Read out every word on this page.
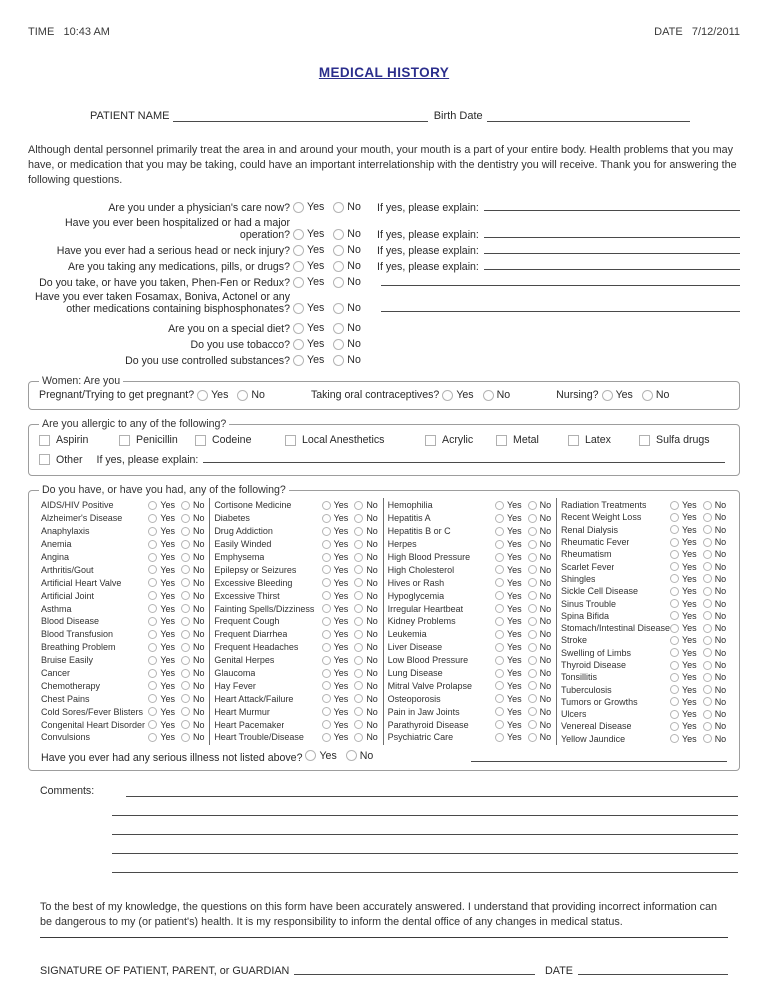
TIME 10:43 AM	DATE 7/12/2011
MEDICAL HISTORY
PATIENT NAME	Birth Date
Although dental personnel primarily treat the area in and around your mouth, your mouth is a part of your entire body. Health problems that you may have, or medication that you may be taking, could have an important interrelationship with the dentistry you will receive. Thank you for answering the following questions.
Are you under a physician's care now? Yes No If yes, please explain:
Have you ever been hospitalized or had a major operation? Yes No If yes, please explain:
Have you ever had a serious head or neck injury? Yes No If yes, please explain:
Are you taking any medications, pills, or drugs? Yes No If yes, please explain:
Do you take, or have you taken, Phen-Fen or Redux? Yes No
Have you ever taken Fosamax, Boniva, Actonel or any other medications containing bisphosphonates? Yes No
Are you on a special diet? Yes No
Do you use tobacco? Yes No
Do you use controlled substances? Yes No
Women: Are you
Pregnant/Trying to get pregnant? Yes No	Taking oral contraceptives? Yes No	Nursing? Yes No
Are you allergic to any of the following?
Aspirin	Penicillin	Codeine	Local Anesthetics	Acrylic	Metal	Latex	Sulfa drugs
Other If yes, please explain:
Do you have, or have you had, any of the following?
AIDS/HIV Positive	Yes No
Alzheimer's Disease	Yes No
Anaphylaxis	Yes No
Anemia	Yes No
Angina	Yes No
Arthritis/Gout	Yes No
Artificial Heart Valve	Yes No
Artificial Joint	Yes No
Asthma	Yes No
Blood Disease	Yes No
Blood Transfusion	Yes No
Breathing Problem	Yes No
Bruise Easily	Yes No
Cancer	Yes No
Chemotherapy	Yes No
Chest Pains	Yes No
Cold Sores/Fever Blisters Yes No
Congenital Heart Disorder Yes No
Convulsions	Yes No
Cortisone Medicine	Yes No
Diabetes	Yes No
Drug Addiction	Yes No
Easily Winded	Yes No
Emphysema	Yes No
Epilepsy or Seizures	Yes No
Excessive Bleeding	Yes No
Excessive Thirst	Yes No
Fainting Spells/Dizziness Yes No
Frequent Cough	Yes No
Frequent Diarrhea	Yes No
Frequent Headaches	Yes No
Genital Herpes	Yes No
Glaucoma	Yes No
Hay Fever	Yes No
Heart Attack/Failure	Yes No
Heart Murmur	Yes No
Heart Pacemaker	Yes No
Heart Trouble/Disease	Yes No
Hemophilia	Yes No
Hepatitis A	Yes No
Hepatitis B or C	Yes No
Herpes	Yes No
High Blood Pressure	Yes No
High Cholesterol	Yes No
Hives or Rash	Yes No
Hypoglycemia	Yes No
Irregular Heartbeat	Yes No
Kidney Problems	Yes No
Leukemia	Yes No
Liver Disease	Yes No
Low Blood Pressure	Yes No
Lung Disease	Yes No
Mitral Valve Prolapse	Yes No
Osteoporosis	Yes No
Pain in Jaw Joints	Yes No
Parathyroid Disease	Yes No
Psychiatric Care	Yes No
Radiation Treatments	Yes No
Recent Weight Loss	Yes No
Renal Dialysis	Yes No
Rheumatic Fever	Yes No
Rheumatism	Yes No
Scarlet Fever	Yes No
Shingles	Yes No
Sickle Cell Disease	Yes No
Sinus Trouble	Yes No
Spina Bifida	Yes No
Stomach/Intestinal Disease Yes No
Stroke	Yes No
Swelling of Limbs	Yes No
Thyroid Disease	Yes No
Tonsillitis	Yes No
Tuberculosis	Yes No
Tumors or Growths	Yes No
Ulcers	Yes No
Venereal Disease	Yes No
Yellow Jaundice	Yes No
Have you ever had any serious illness not listed above? Yes No
Comments:
To the best of my knowledge, the questions on this form have been accurately answered. I understand that providing incorrect information can be dangerous to my (or patient's) health. It is my responsibility to inform the dental office of any changes in medical status.
SIGNATURE OF PATIENT, PARENT, or GUARDIAN	DATE
